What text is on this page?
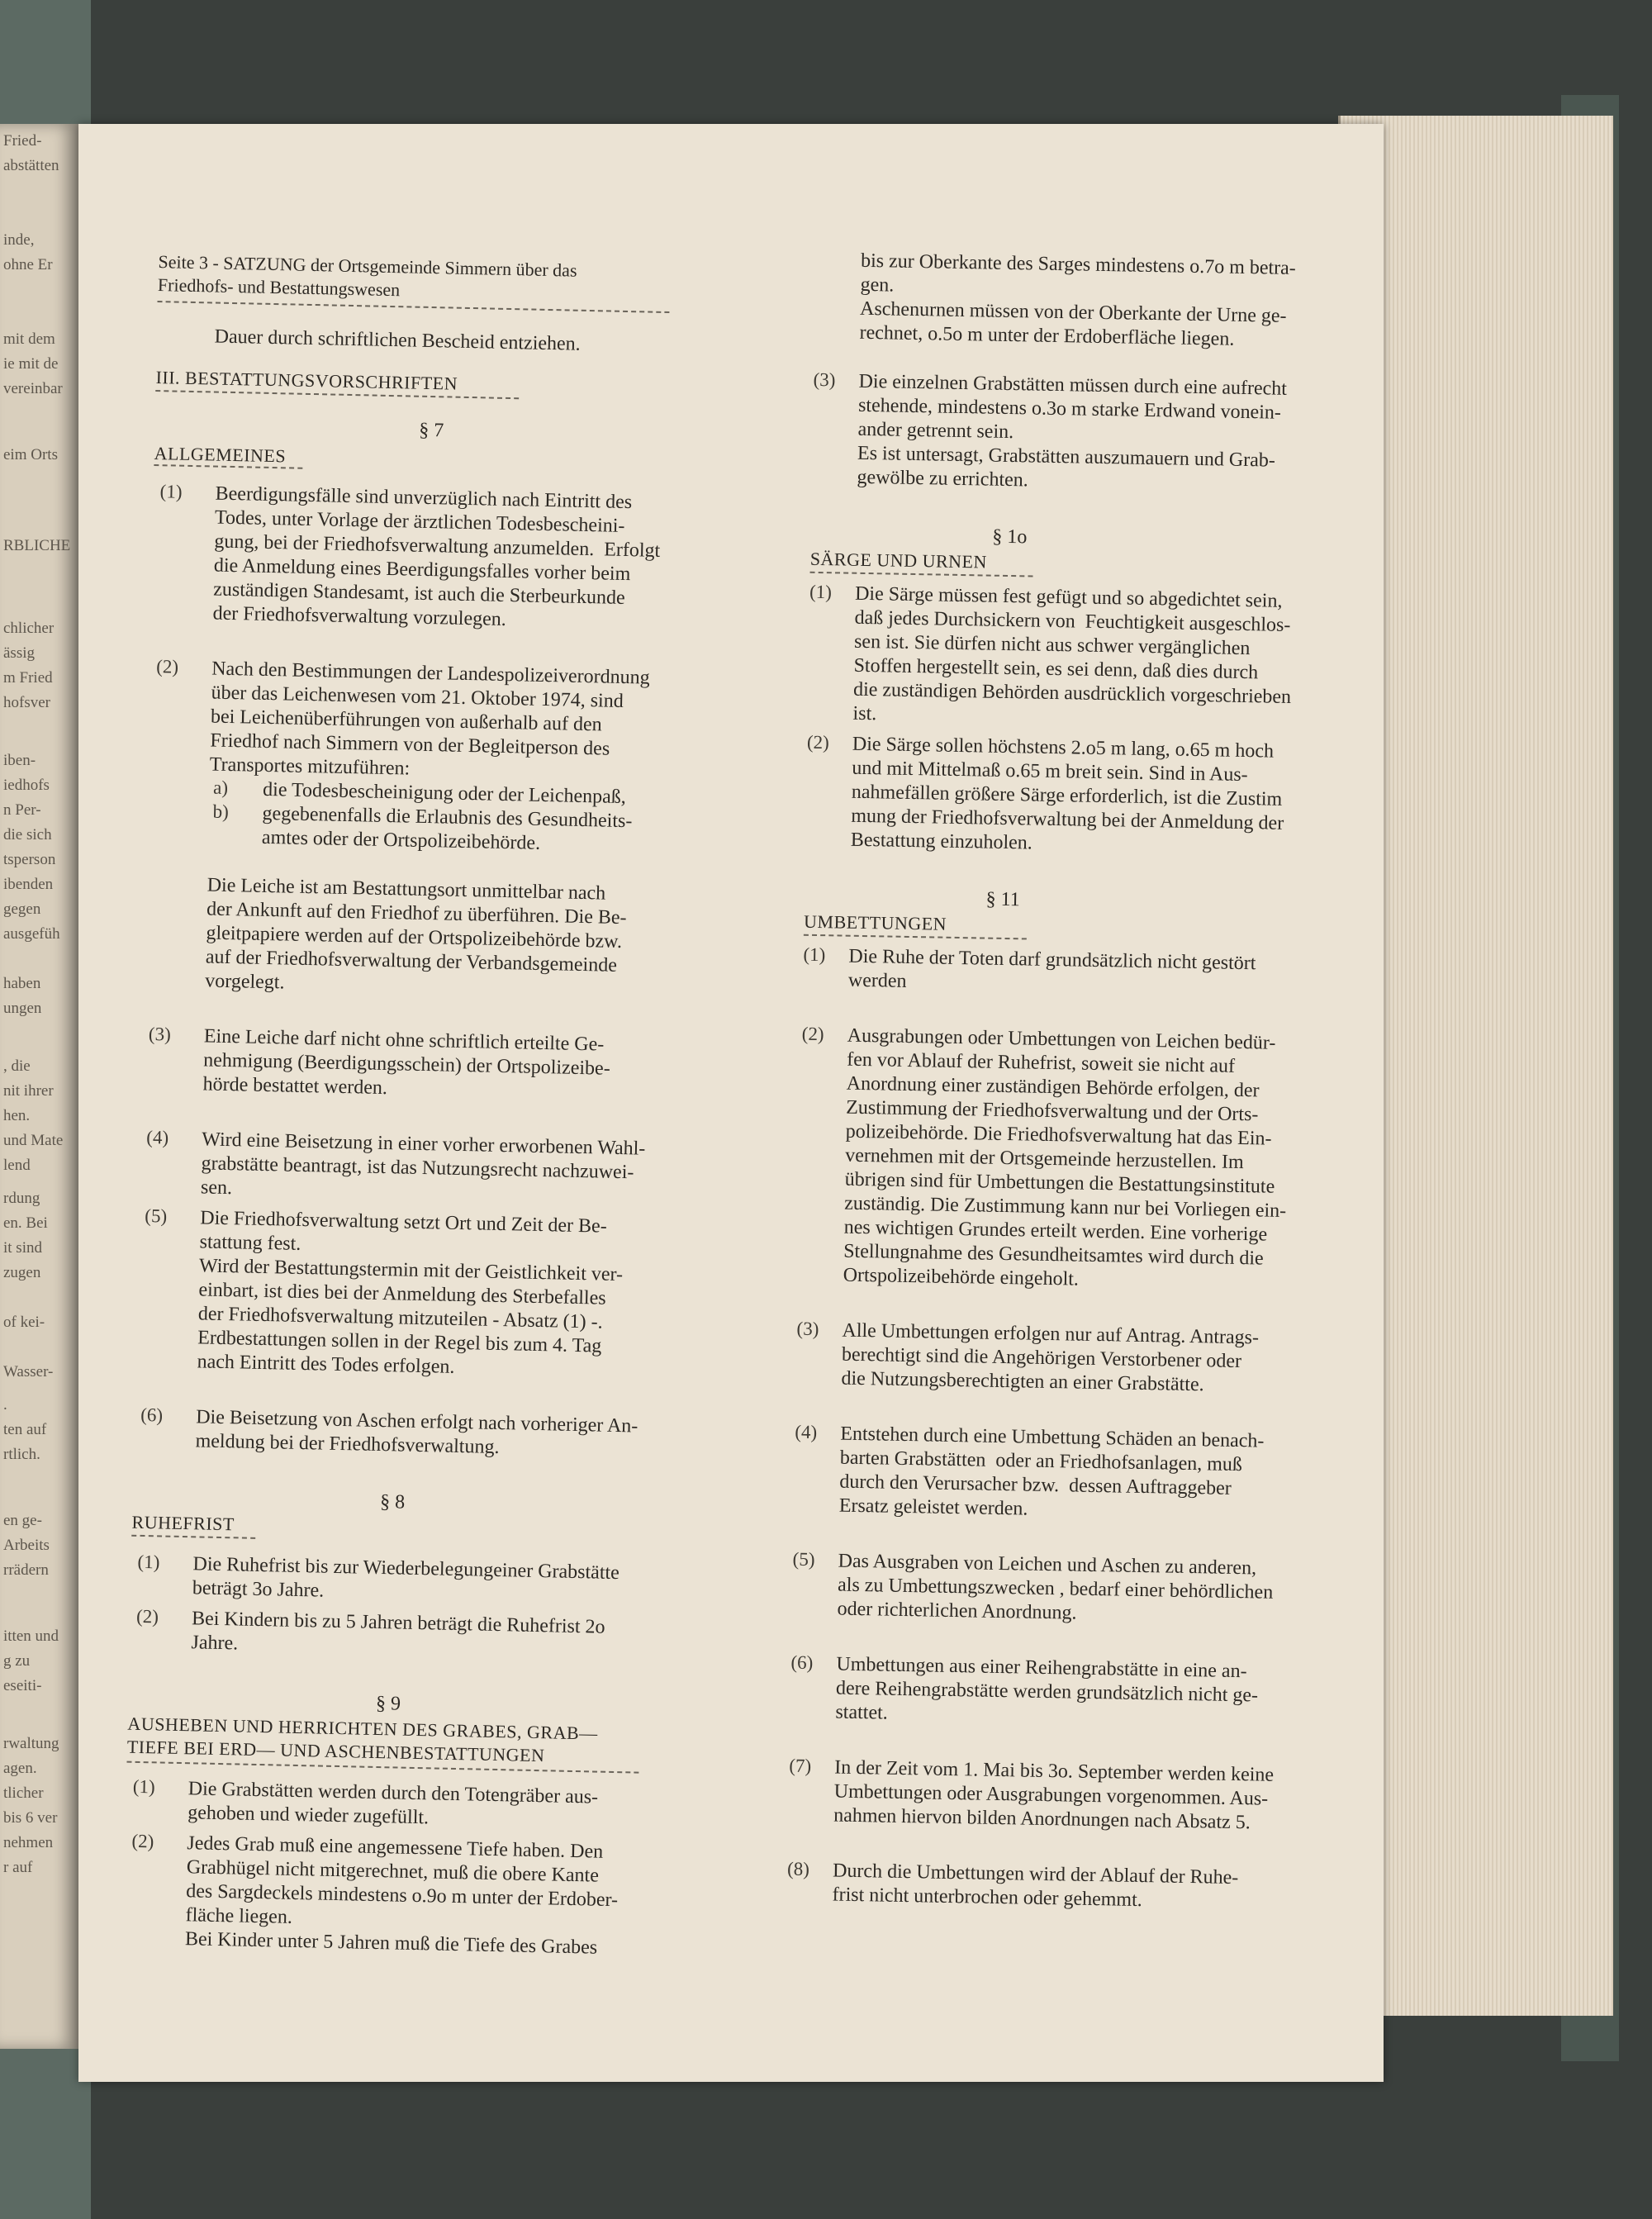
Fried-
abstätten
inde,
ohne Er
mit dem
ie mit de
vereinbar
eim Orts
RBLICHE
chlicher
ässig
m Fried
hofsver
iben-
iedhofs
n Per-
die sich
tsperson
ibenden
gegen
ausgefüh
haben
ungen
, die
nit ihrer
hen.
und Mate
lend
rdung
en. Bei
it sind
zugen
of kei-
Wasser-
.
ten auf
rtlich.
en ge-
Arbeits
rrädern
itten und
g zu
eseiti-
rwaltung
agen.
tlicher
bis 6 ver
nehmen
r auf
Seite 3 - SATZUNG der Ortsgemeinde Simmern über das
Friedhofs- und Bestattungswesen
Dauer durch schriftlichen Bescheid entziehen.
III. BESTATTUNGSVORSCHRIFTEN
§ 7
ALLGEMEINES
(1) Beerdigungsfälle sind unverzüglich nach Eintritt des
Todes, unter Vorlage der ärztlichen Todesbescheini-
gung, bei der Friedhofsverwaltung anzumelden.  Erfolgt
die Anmeldung eines Beerdigungsfalles vorher beim
zuständigen Standesamt, ist auch die Sterbeurkunde
der Friedhofsverwaltung vorzulegen.
(2) Nach den Bestimmungen der Landespolizeiverordnung
über das Leichenwesen vom 21. Oktober 1974, sind
bei Leichenüberführungen von außerhalb auf den
Friedhof nach Simmern von der Begleitperson des
Transportes mitzuführen:
a) die Todesbescheinigung oder der Leichenpaß,
b) gegebenenfalls die Erlaubnis des Gesundheits-
amtes oder der Ortspolizeibehörde.
Die Leiche ist am Bestattungsort unmittelbar nach
der Ankunft auf den Friedhof zu überführen. Die Be-
gleitpapiere werden auf der Ortspolizeibehörde bzw.
auf der Friedhofsverwaltung der Verbandsgemeinde
vorgelegt.
(3) Eine Leiche darf nicht ohne schriftlich erteilte Ge-
nehmigung (Beerdigungsschein) der Ortspolizeibe-
hörde bestattet werden.
(4) Wird eine Beisetzung in einer vorher erworbenen Wahl-
grabstätte beantragt, ist das Nutzungsrecht nachzuwei-
sen.
(5) Die Friedhofsverwaltung setzt Ort und Zeit der Be-
stattung fest.
Wird der Bestattungstermin mit der Geistlichkeit ver-
einbart, ist dies bei der Anmeldung des Sterbefalles
der Friedhofsverwaltung mitzuteilen - Absatz (1) -.
Erdbestattungen sollen in der Regel bis zum 4. Tag
nach Eintritt des Todes erfolgen.
(6) Die Beisetzung von Aschen erfolgt nach vorheriger An-
meldung bei der Friedhofsverwaltung.
§ 8
RUHEFRIST
(1) Die Ruhefrist bis zur Wiederbelegungeiner Grabstätte
beträgt 3o Jahre.
(2) Bei Kindern bis zu 5 Jahren beträgt die Ruhefrist 2o
Jahre.
§ 9
AUSHEBEN UND HERRICHTEN DES GRABES, GRAB—
TIEFE BEI ERD— UND ASCHENBESTATTUNGEN
(1) Die Grabstätten werden durch den Totengräber aus-
gehoben und wieder zugefüllt.
(2) Jedes Grab muß eine angemessene Tiefe haben. Den
Grabhügel nicht mitgerechnet, muß die obere Kante
des Sargdeckels mindestens o.9o m unter der Erdober-
fläche liegen.
Bei Kinder unter 5 Jahren muß die Tiefe des Grabes
bis zur Oberkante des Sarges mindestens o.7o m betra-
gen.
Aschenurnen müssen von der Oberkante der Urne ge-
rechnet, o.5o m unter der Erdoberfläche liegen.
(3) Die einzelnen Grabstätten müssen durch eine aufrecht
stehende, mindestens o.3o m starke Erdwand vonein-
ander getrennt sein.
Es ist untersagt, Grabstätten auszumauern und Grab-
gewölbe zu errichten.
§ 1o
SÄRGE UND URNEN
(1) Die Särge müssen fest gefügt und so abgedichtet sein,
daß jedes Durchsickern von  Feuchtigkeit ausgeschlos-
sen ist. Sie dürfen nicht aus schwer vergänglichen
Stoffen hergestellt sein, es sei denn, daß dies durch
die zuständigen Behörden ausdrücklich vorgeschrieben
ist.
(2) Die Särge sollen höchstens 2.o5 m lang, o.65 m hoch
und mit Mittelmaß o.65 m breit sein. Sind in Aus-
nahmefällen größere Särge erforderlich, ist die Zustim
mung der Friedhofsverwaltung bei der Anmeldung der
Bestattung einzuholen.
§ 11
UMBETTUNGEN
(1) Die Ruhe der Toten darf grundsätzlich nicht gestört
werden
(2) Ausgrabungen oder Umbettungen von Leichen bedür-
fen vor Ablauf der Ruhefrist, soweit sie nicht auf
Anordnung einer zuständigen Behörde erfolgen, der
Zustimmung der Friedhofsverwaltung und der Orts-
polizeibehörde. Die Friedhofsverwaltung hat das Ein-
vernehmen mit der Ortsgemeinde herzustellen. Im
übrigen sind für Umbettungen die Bestattungsinstitute
zuständig. Die Zustimmung kann nur bei Vorliegen ein-
nes wichtigen Grundes erteilt werden. Eine vorherige
Stellungnahme des Gesundheitsamtes wird durch die
Ortspolizeibehörde eingeholt.
(3) Alle Umbettungen erfolgen nur auf Antrag. Antrags-
berechtigt sind die Angehörigen Verstorbener oder
die Nutzungsberechtigten an einer Grabstätte.
(4) Entstehen durch eine Umbettung Schäden an benach-
barten Grabstätten  oder an Friedhofsanlagen, muß
durch den Verursacher bzw.  dessen Auftraggeber
Ersatz geleistet werden.
(5) Das Ausgraben von Leichen und Aschen zu anderen,
als zu Umbettungszwecken , bedarf einer behördlichen
oder richterlichen Anordnung.
(6) Umbettungen aus einer Reihengrabstätte in eine an-
dere Reihengrabstätte werden grundsätzlich nicht ge-
stattet.
(7) In der Zeit vom 1. Mai bis 3o. September werden keine
Umbettungen oder Ausgrabungen vorgenommen. Aus-
nahmen hiervon bilden Anordnungen nach Absatz 5.
(8) Durch die Umbettungen wird der Ablauf der Ruhe-
frist nicht unterbrochen oder gehemmt.
